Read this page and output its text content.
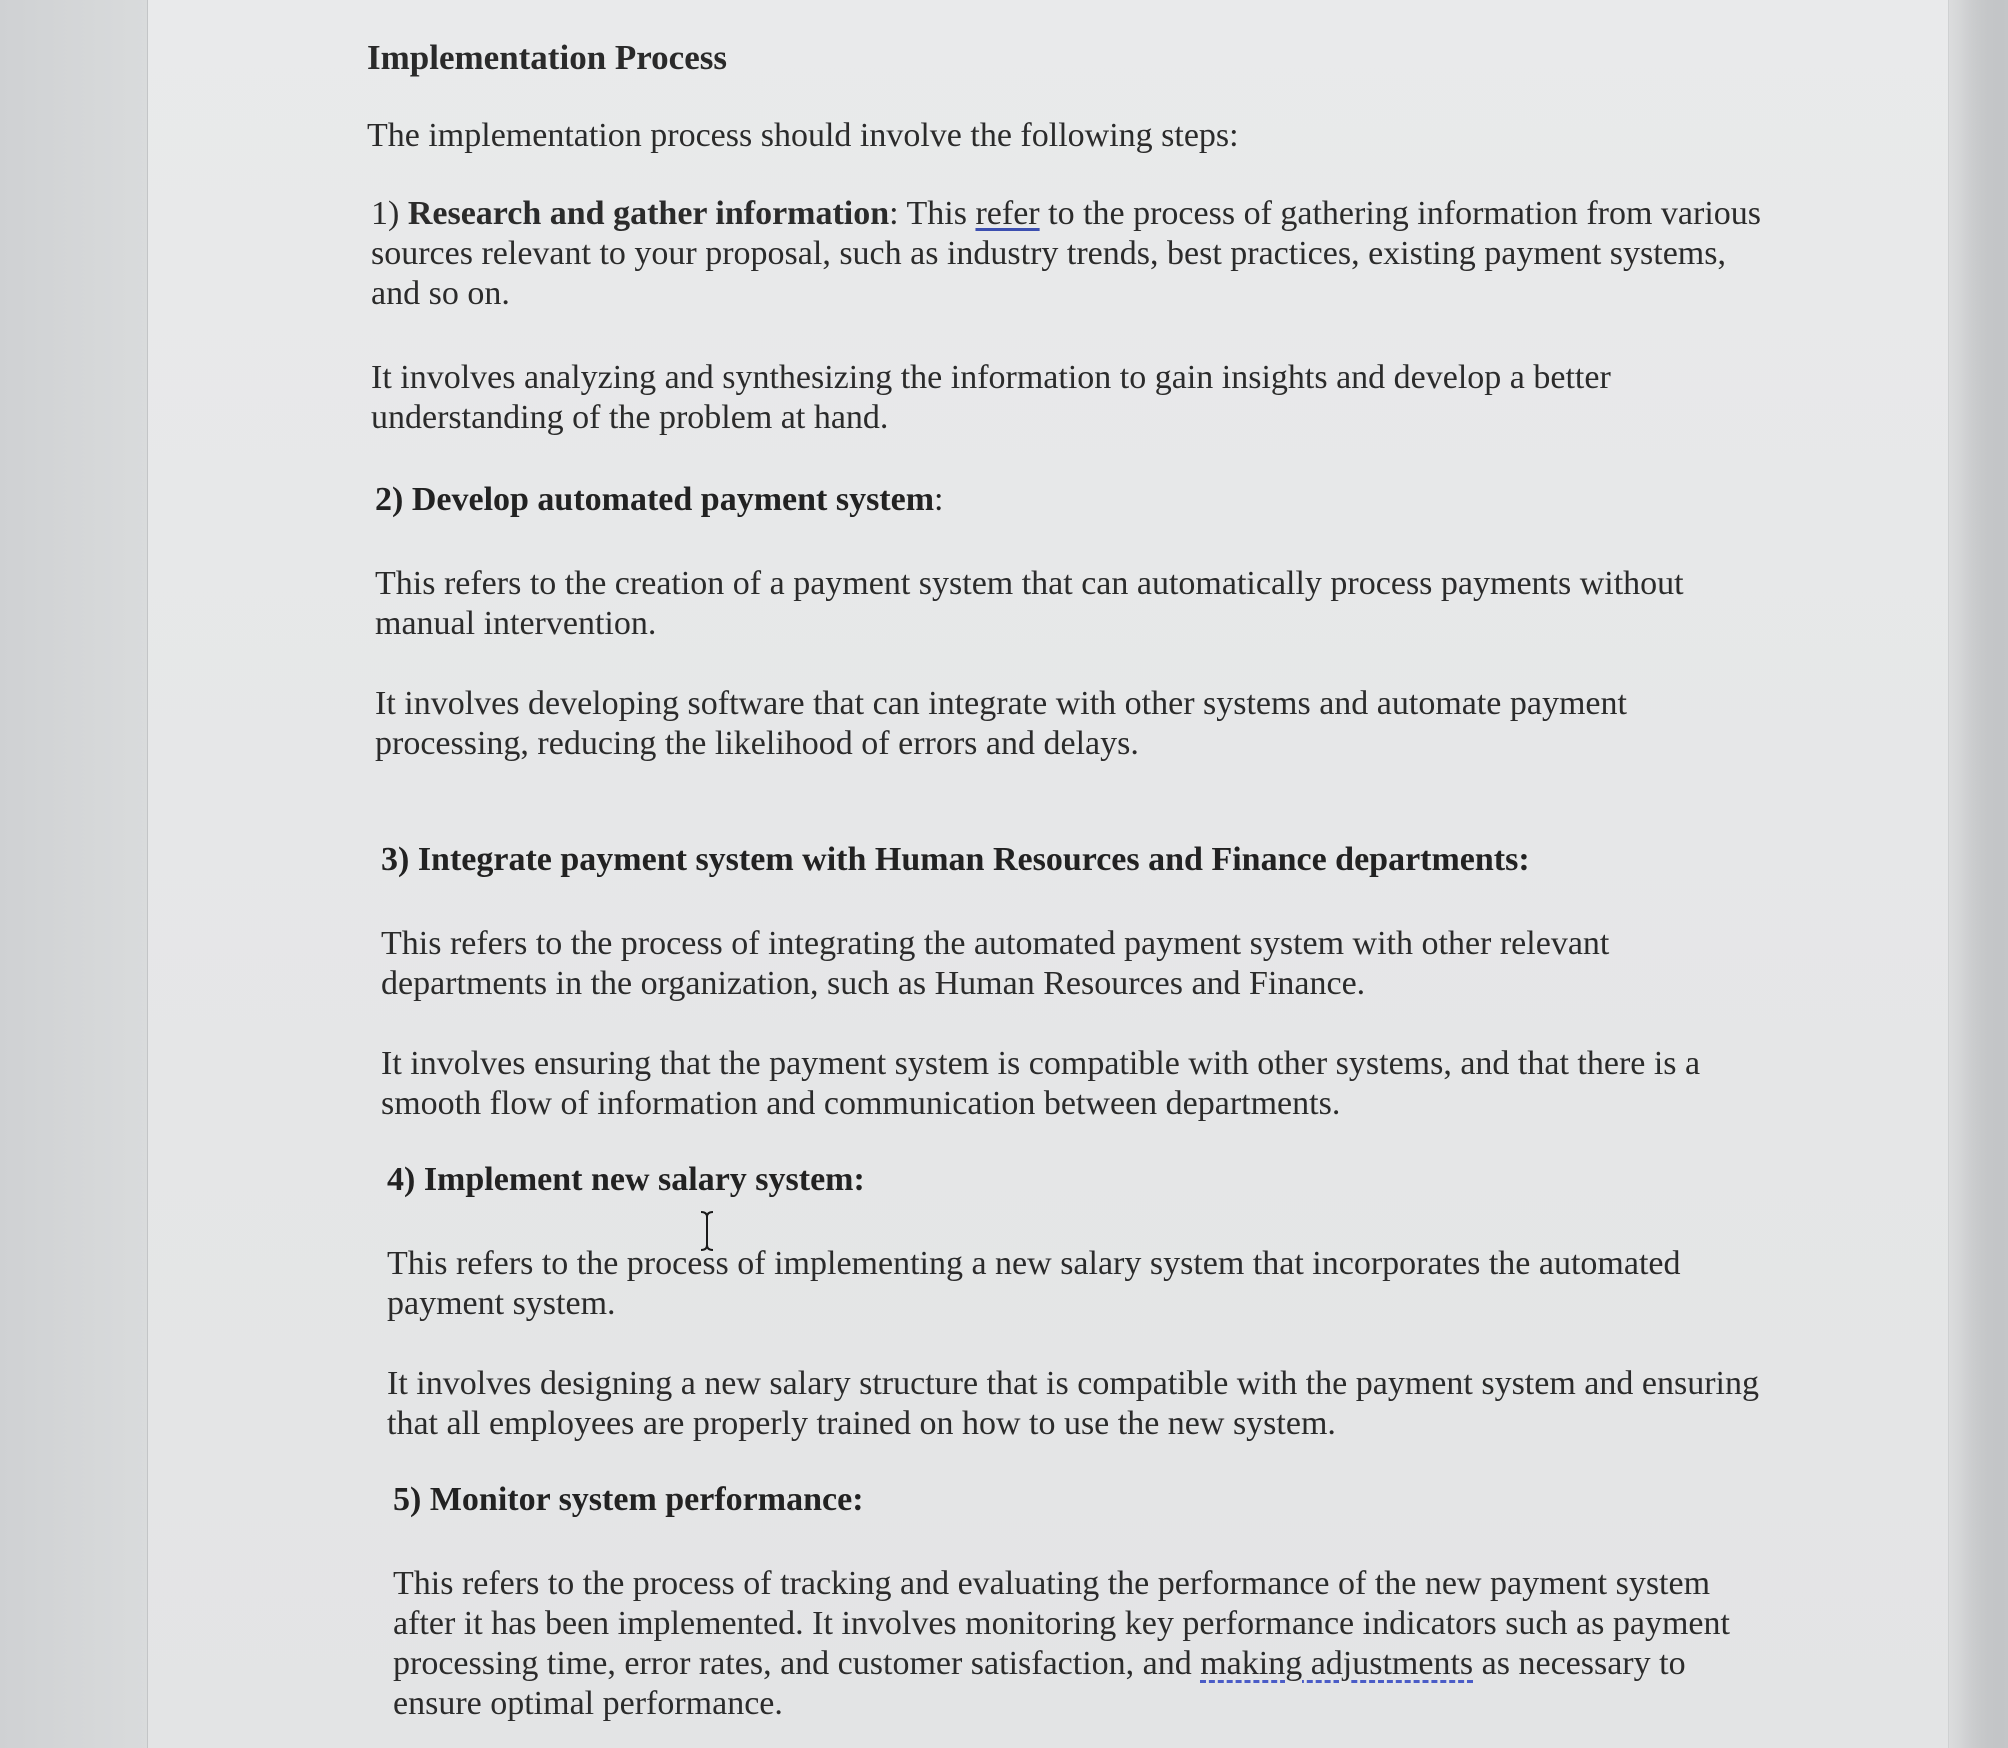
Implementation Process

The implementation process should involve the following steps:

1) Research and gather information: This refer to the process of gathering information from various sources relevant to your proposal, such as industry trends, best practices, existing payment systems, and so on.

It involves analyzing and synthesizing the information to gain insights and develop a better understanding of the problem at hand.

2) Develop automated payment system:

This refers to the creation of a payment system that can automatically process payments without manual intervention.

It involves developing software that can integrate with other systems and automate payment processing, reducing the likelihood of errors and delays.

3) Integrate payment system with Human Resources and Finance departments:

This refers to the process of integrating the automated payment system with other relevant departments in the organization, such as Human Resources and Finance.

It involves ensuring that the payment system is compatible with other systems, and that there is a smooth flow of information and communication between departments.

4) Implement new salary system:

This refers to the process of implementing a new salary system that incorporates the automated payment system.

It involves designing a new salary structure that is compatible with the payment system and ensuring that all employees are properly trained on how to use the new system.

5) Monitor system performance:

This refers to the process of tracking and evaluating the performance of the new payment system after it has been implemented. It involves monitoring key performance indicators such as payment processing time, error rates, and customer satisfaction, and making adjustments as necessary to ensure optimal performance.
